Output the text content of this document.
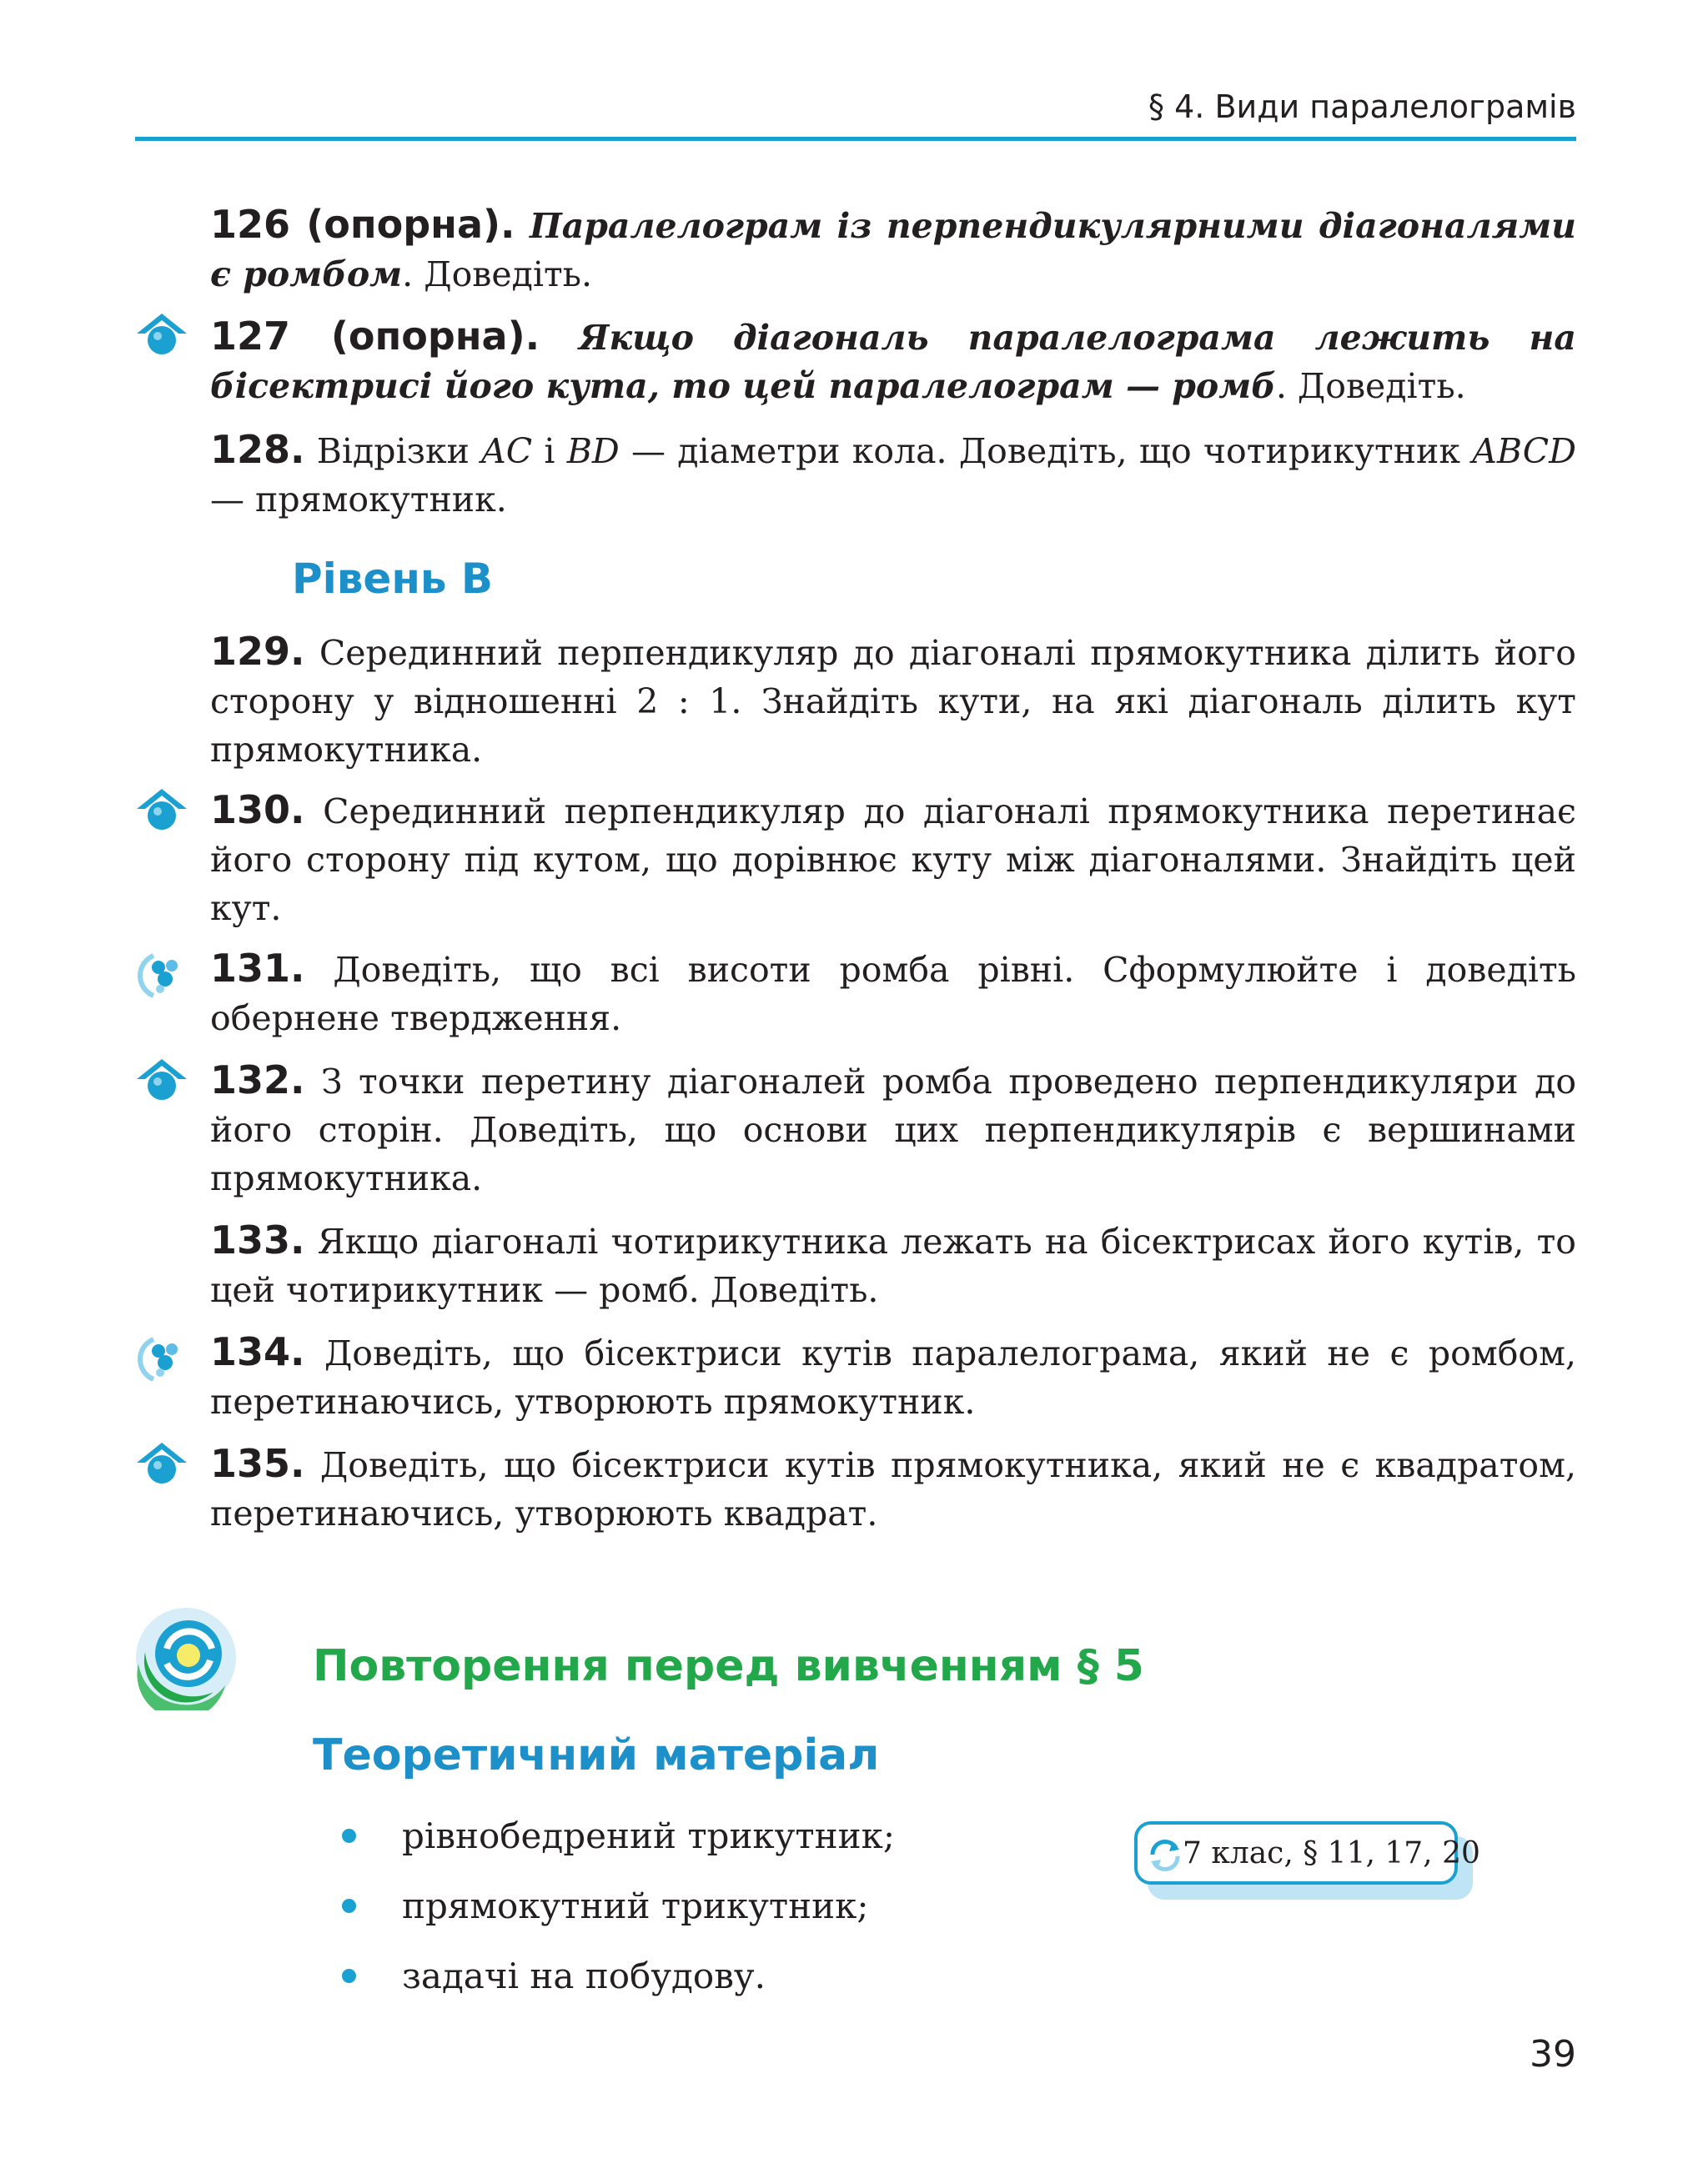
§ 4. Види паралелограмів
126 (опорна). Паралелограм із перпендикулярними діагоналями є ромбом. Доведіть.
127 (опорна). Якщо діагональ паралелограма лежить на бісектрисі його кута, то цей паралелограм — ромб. Доведіть.
128. Відрізки AC і BD — діаметри кола. Доведіть, що чотирикутник ABCD — прямокутник.
Рівень В
129. Серединний перпендикуляр до діагоналі прямокутника ділить його сторону у відношенні 2 : 1. Знайдіть кути, на які діагональ ділить кут прямокутника.
130. Серединний перпендикуляр до діагоналі прямокутника перетинає його сторону під кутом, що дорівнює куту між діагоналями. Знайдіть цей кут.
131. Доведіть, що всі висоти ромба рівні. Сформулюйте і доведіть обернене твердження.
132. З точки перетину діагоналей ромба проведено перпендикуляри до його сторін. Доведіть, що основи цих перпендикулярів є вершинами прямокутника.
133. Якщо діагоналі чотирикутника лежать на бісектрисах його кутів, то цей чотирикутник — ромб. Доведіть.
134. Доведіть, що бісектриси кутів паралелограма, який не є ромбом, перетинаючись, утворюють прямокутник.
135. Доведіть, що бісектриси кутів прямокутника, який не є квадратом, перетинаючись, утворюють квадрат.
Повторення перед вивченням § 5
Теоретичний матеріал
рівнобедрений трикутник;
прямокутний трикутник;
задачі на побудову.
7 клас, § 11, 17, 20
39
